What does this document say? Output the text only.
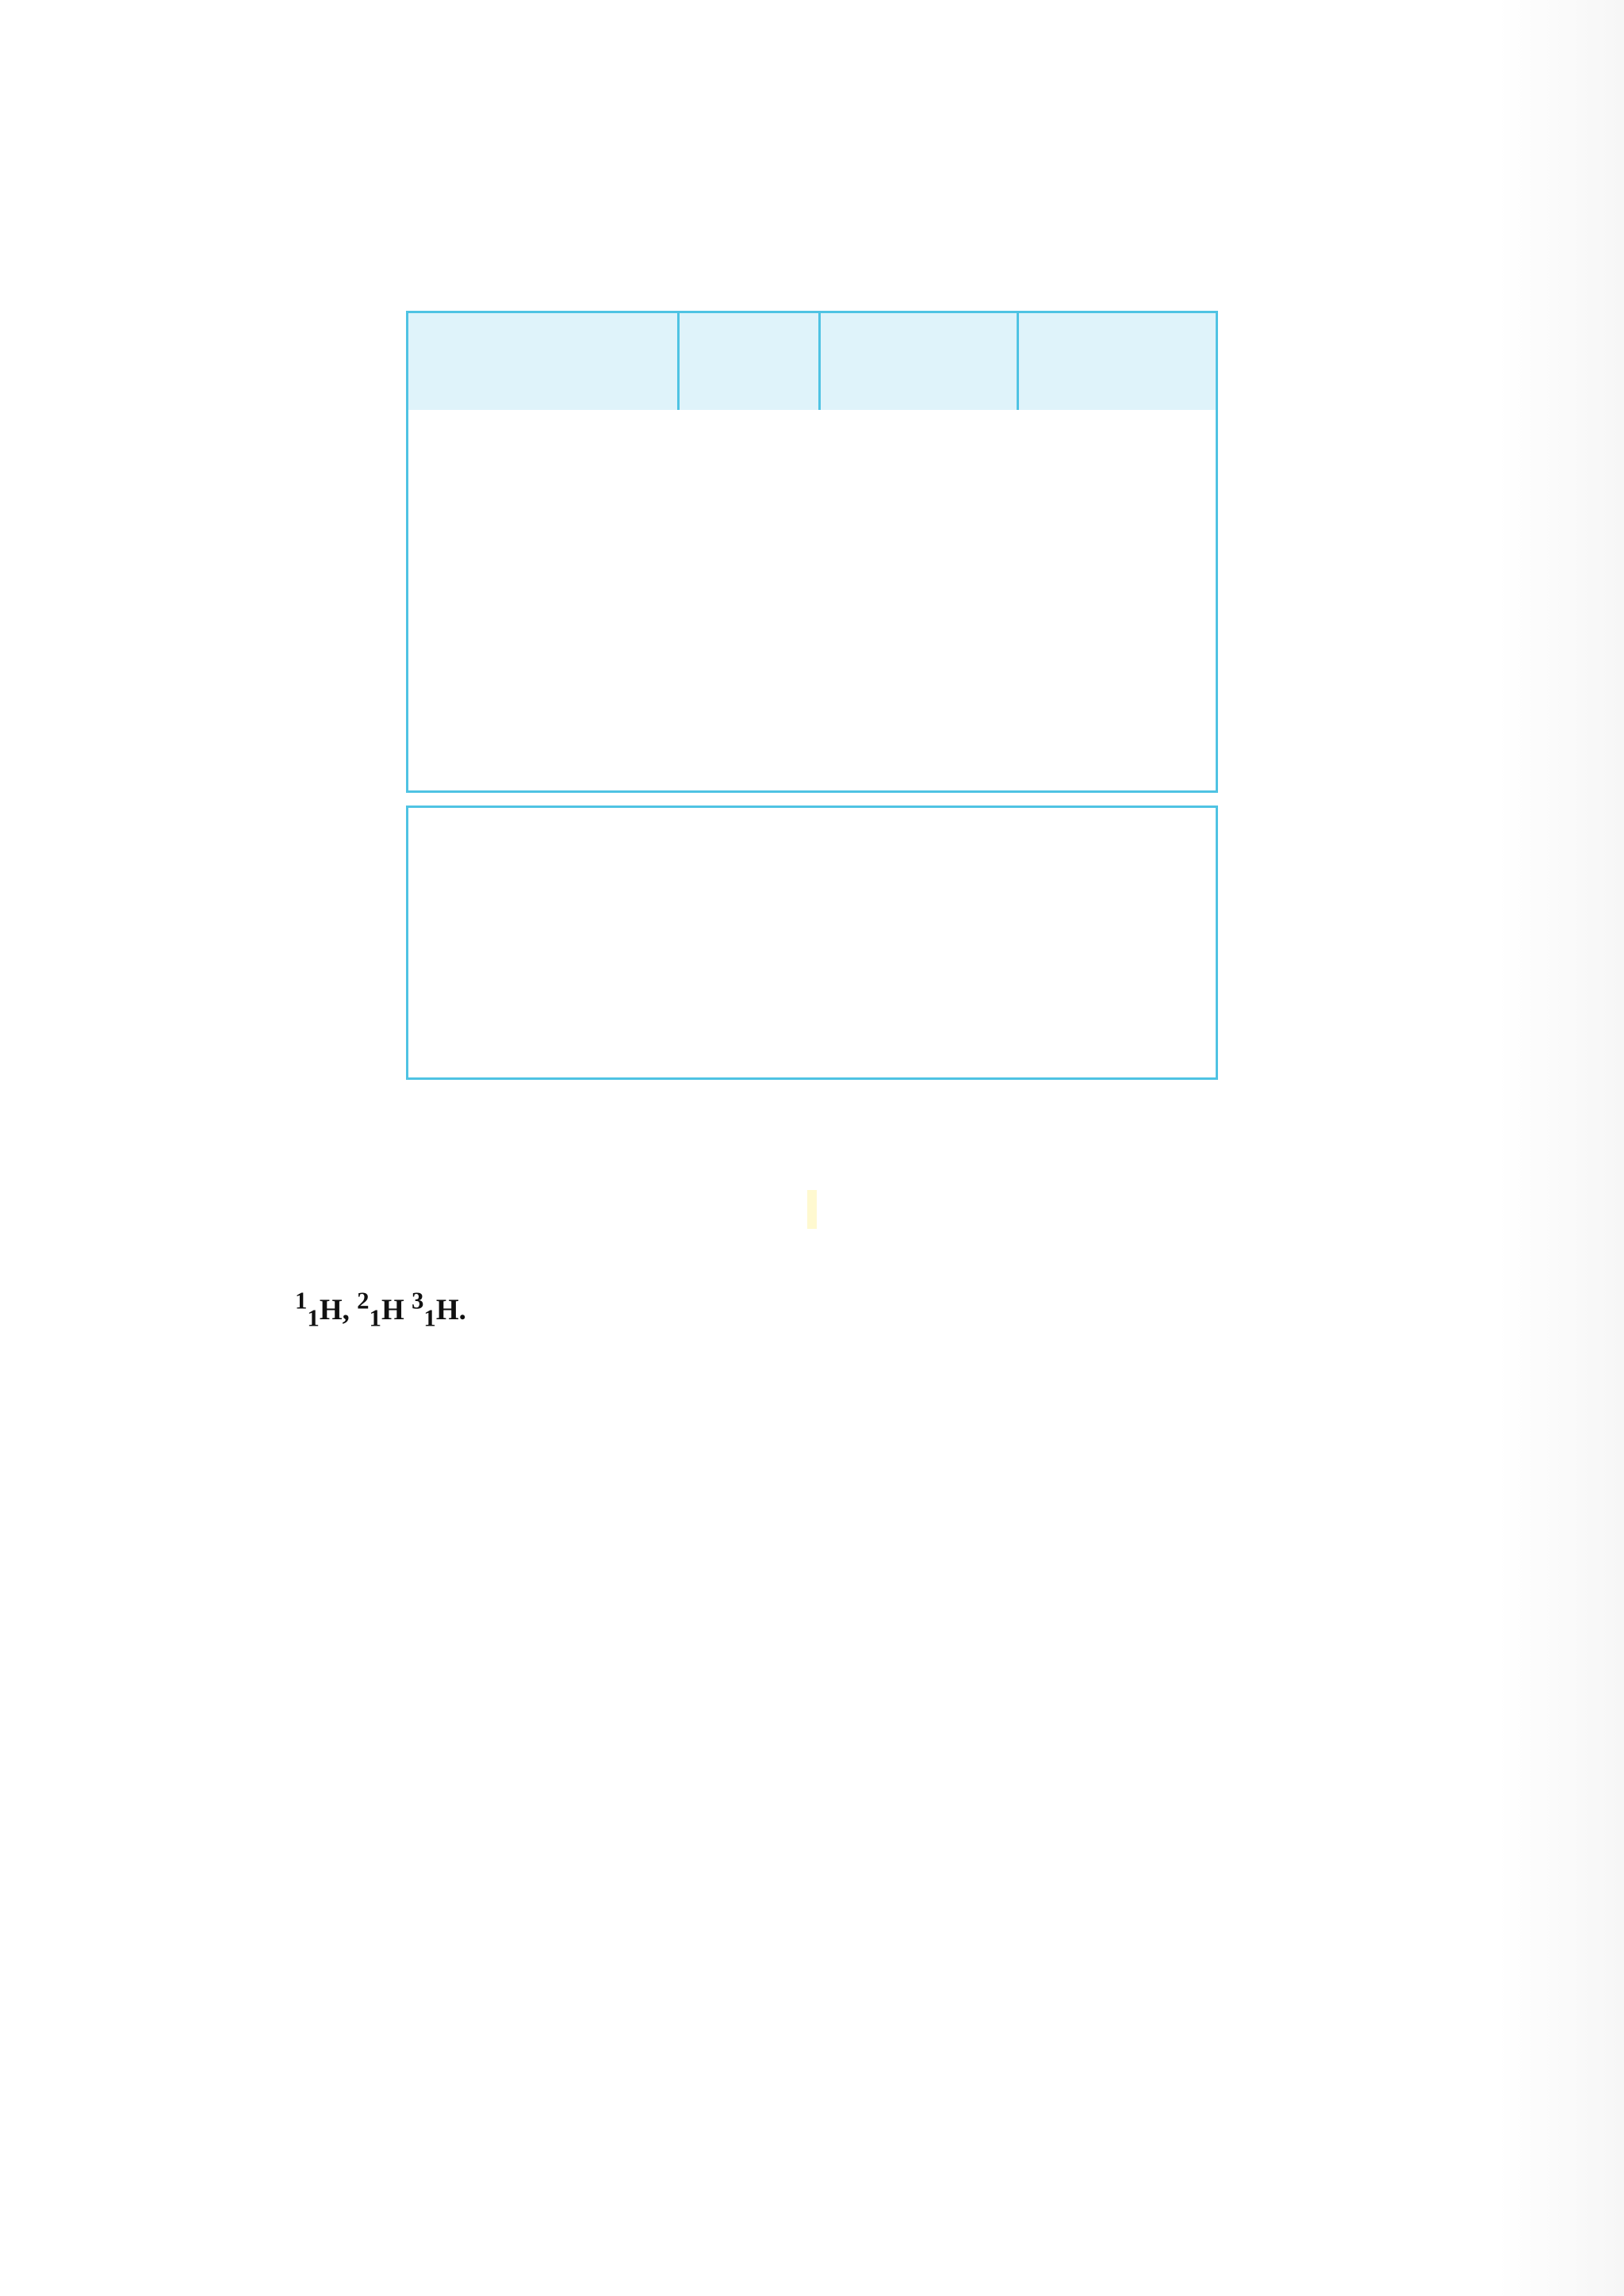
$^1_1$H, $^2_1$H $^3_1$H.
